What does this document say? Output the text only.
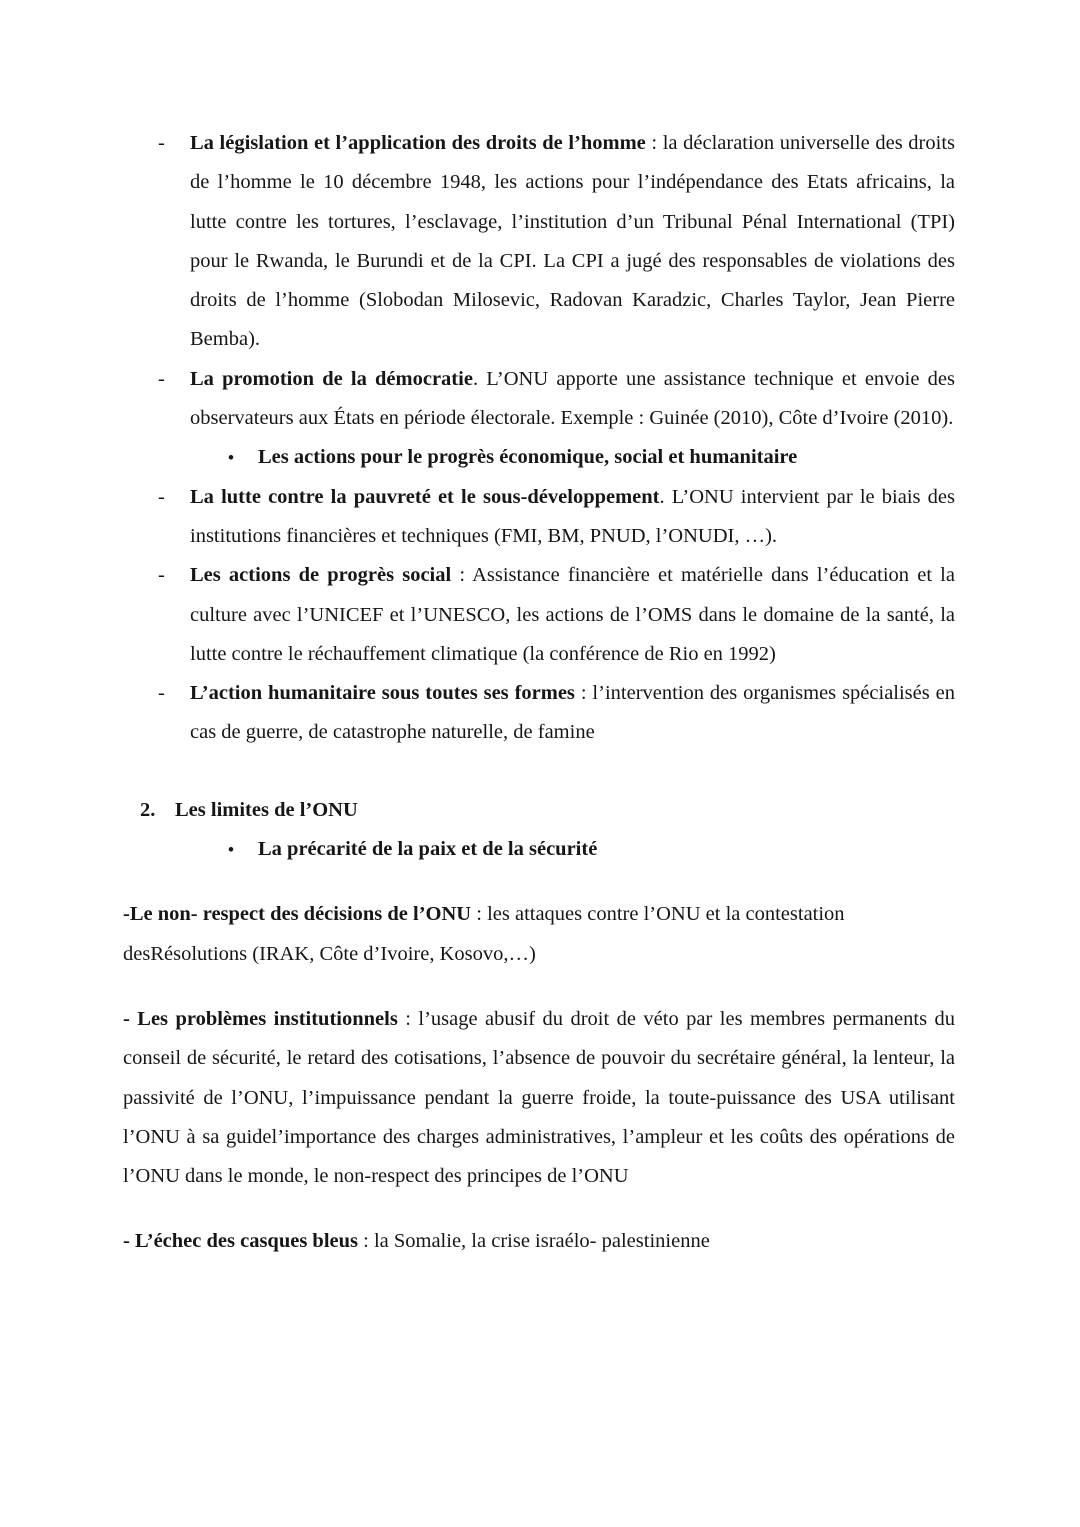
- La législation et l’application des droits de l’homme : la déclaration universelle des droits de l’homme le 10 décembre 1948, les actions pour l’indépendance des Etats africains, la lutte contre les tortures, l’esclavage, l’institution d’un Tribunal Pénal International (TPI) pour le Rwanda, le Burundi et de la CPI. La CPI a jugé des responsables de violations des droits de l’homme (Slobodan Milosevic, Radovan Karadzic, Charles Taylor, Jean Pierre Bemba).

- La promotion de la démocratie. L’ONU apporte une assistance technique et envoie des observateurs aux États en période électorale. Exemple : Guinée (2010), Côte d’Ivoire (2010).

• Les actions pour le progrès économique, social et humanitaire

- La lutte contre la pauvreté et le sous-développement. L’ONU intervient par le biais des institutions financières et techniques (FMI, BM, PNUD, l’ONUDI, …).

- Les actions de progrès social : Assistance financière et matérielle dans l’éducation et la culture avec l’UNICEF et l’UNESCO, les actions de l’OMS dans le domaine de la santé, la lutte contre le réchauffement climatique (la conférence de Rio en 1992)

- L’action humanitaire sous toutes ses formes : l’intervention des organismes spécialisés en cas de guerre, de catastrophe naturelle, de famine

2. Les limites de l’ONU

• La précarité de la paix et de la sécurité

-Le non- respect des décisions de l’ONU : les attaques contre l’ONU et la contestation desRésolutions (IRAK, Côte d’Ivoire, Kosovo,…)

- Les problèmes institutionnels : l’usage abusif du droit de véto par les membres permanents du conseil de sécurité, le retard des cotisations, l’absence de pouvoir du secrétaire général, la lenteur, la passivité de l’ONU, l’impuissance pendant la guerre froide, la toute-puissance des USA utilisant l’ONU à sa guidel’importance des charges administratives, l’ampleur et les coûts des opérations de l’ONU dans le monde, le non-respect des principes de l’ONU

- L’échec des casques bleus : la Somalie, la crise israélo- palestinienne
